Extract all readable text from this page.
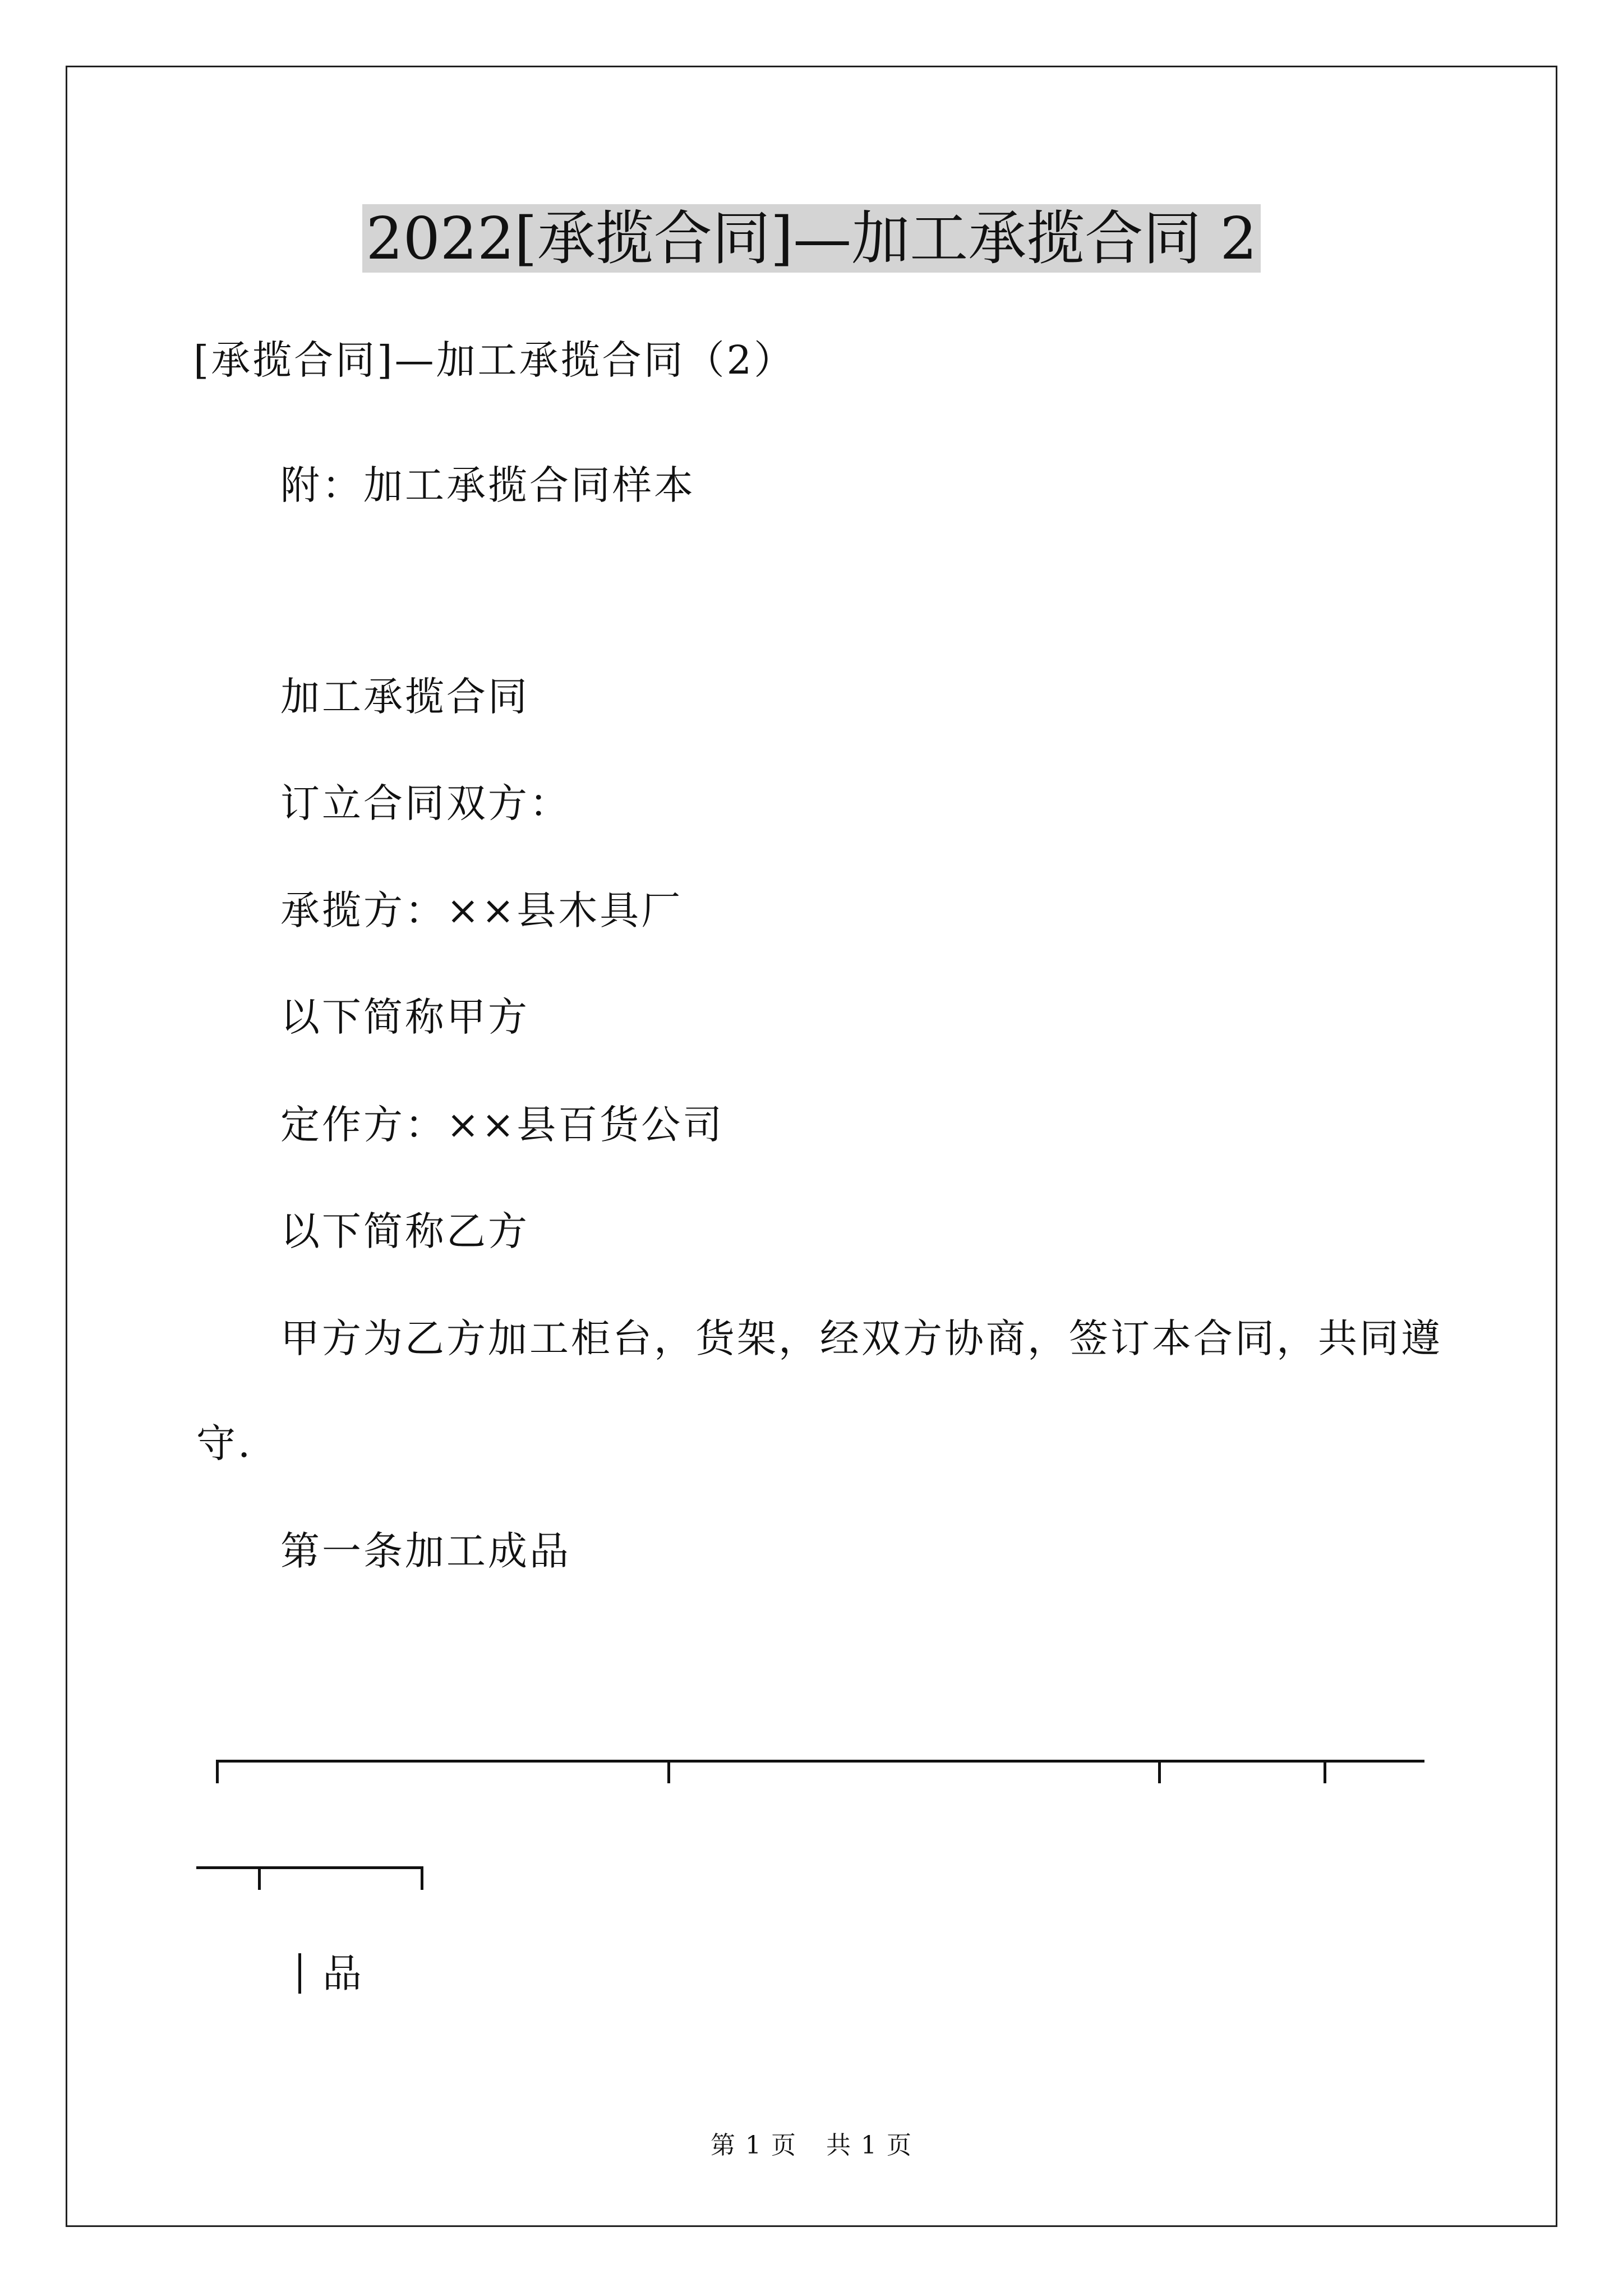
2022[承揽合同]—加工承揽合同 2
[承揽合同]—加工承揽合同（2）
附：加工承揽合同样本
加工承揽合同
订立合同双方：
承揽方：××县木具厂
以下简称甲方
定作方：××县百货公司
以下简称乙方
甲方为乙方加工柜台，货架，经双方协商，签订本合同，共同遵
守.
第一条加工成品
品
第 1 页 共 1 页
